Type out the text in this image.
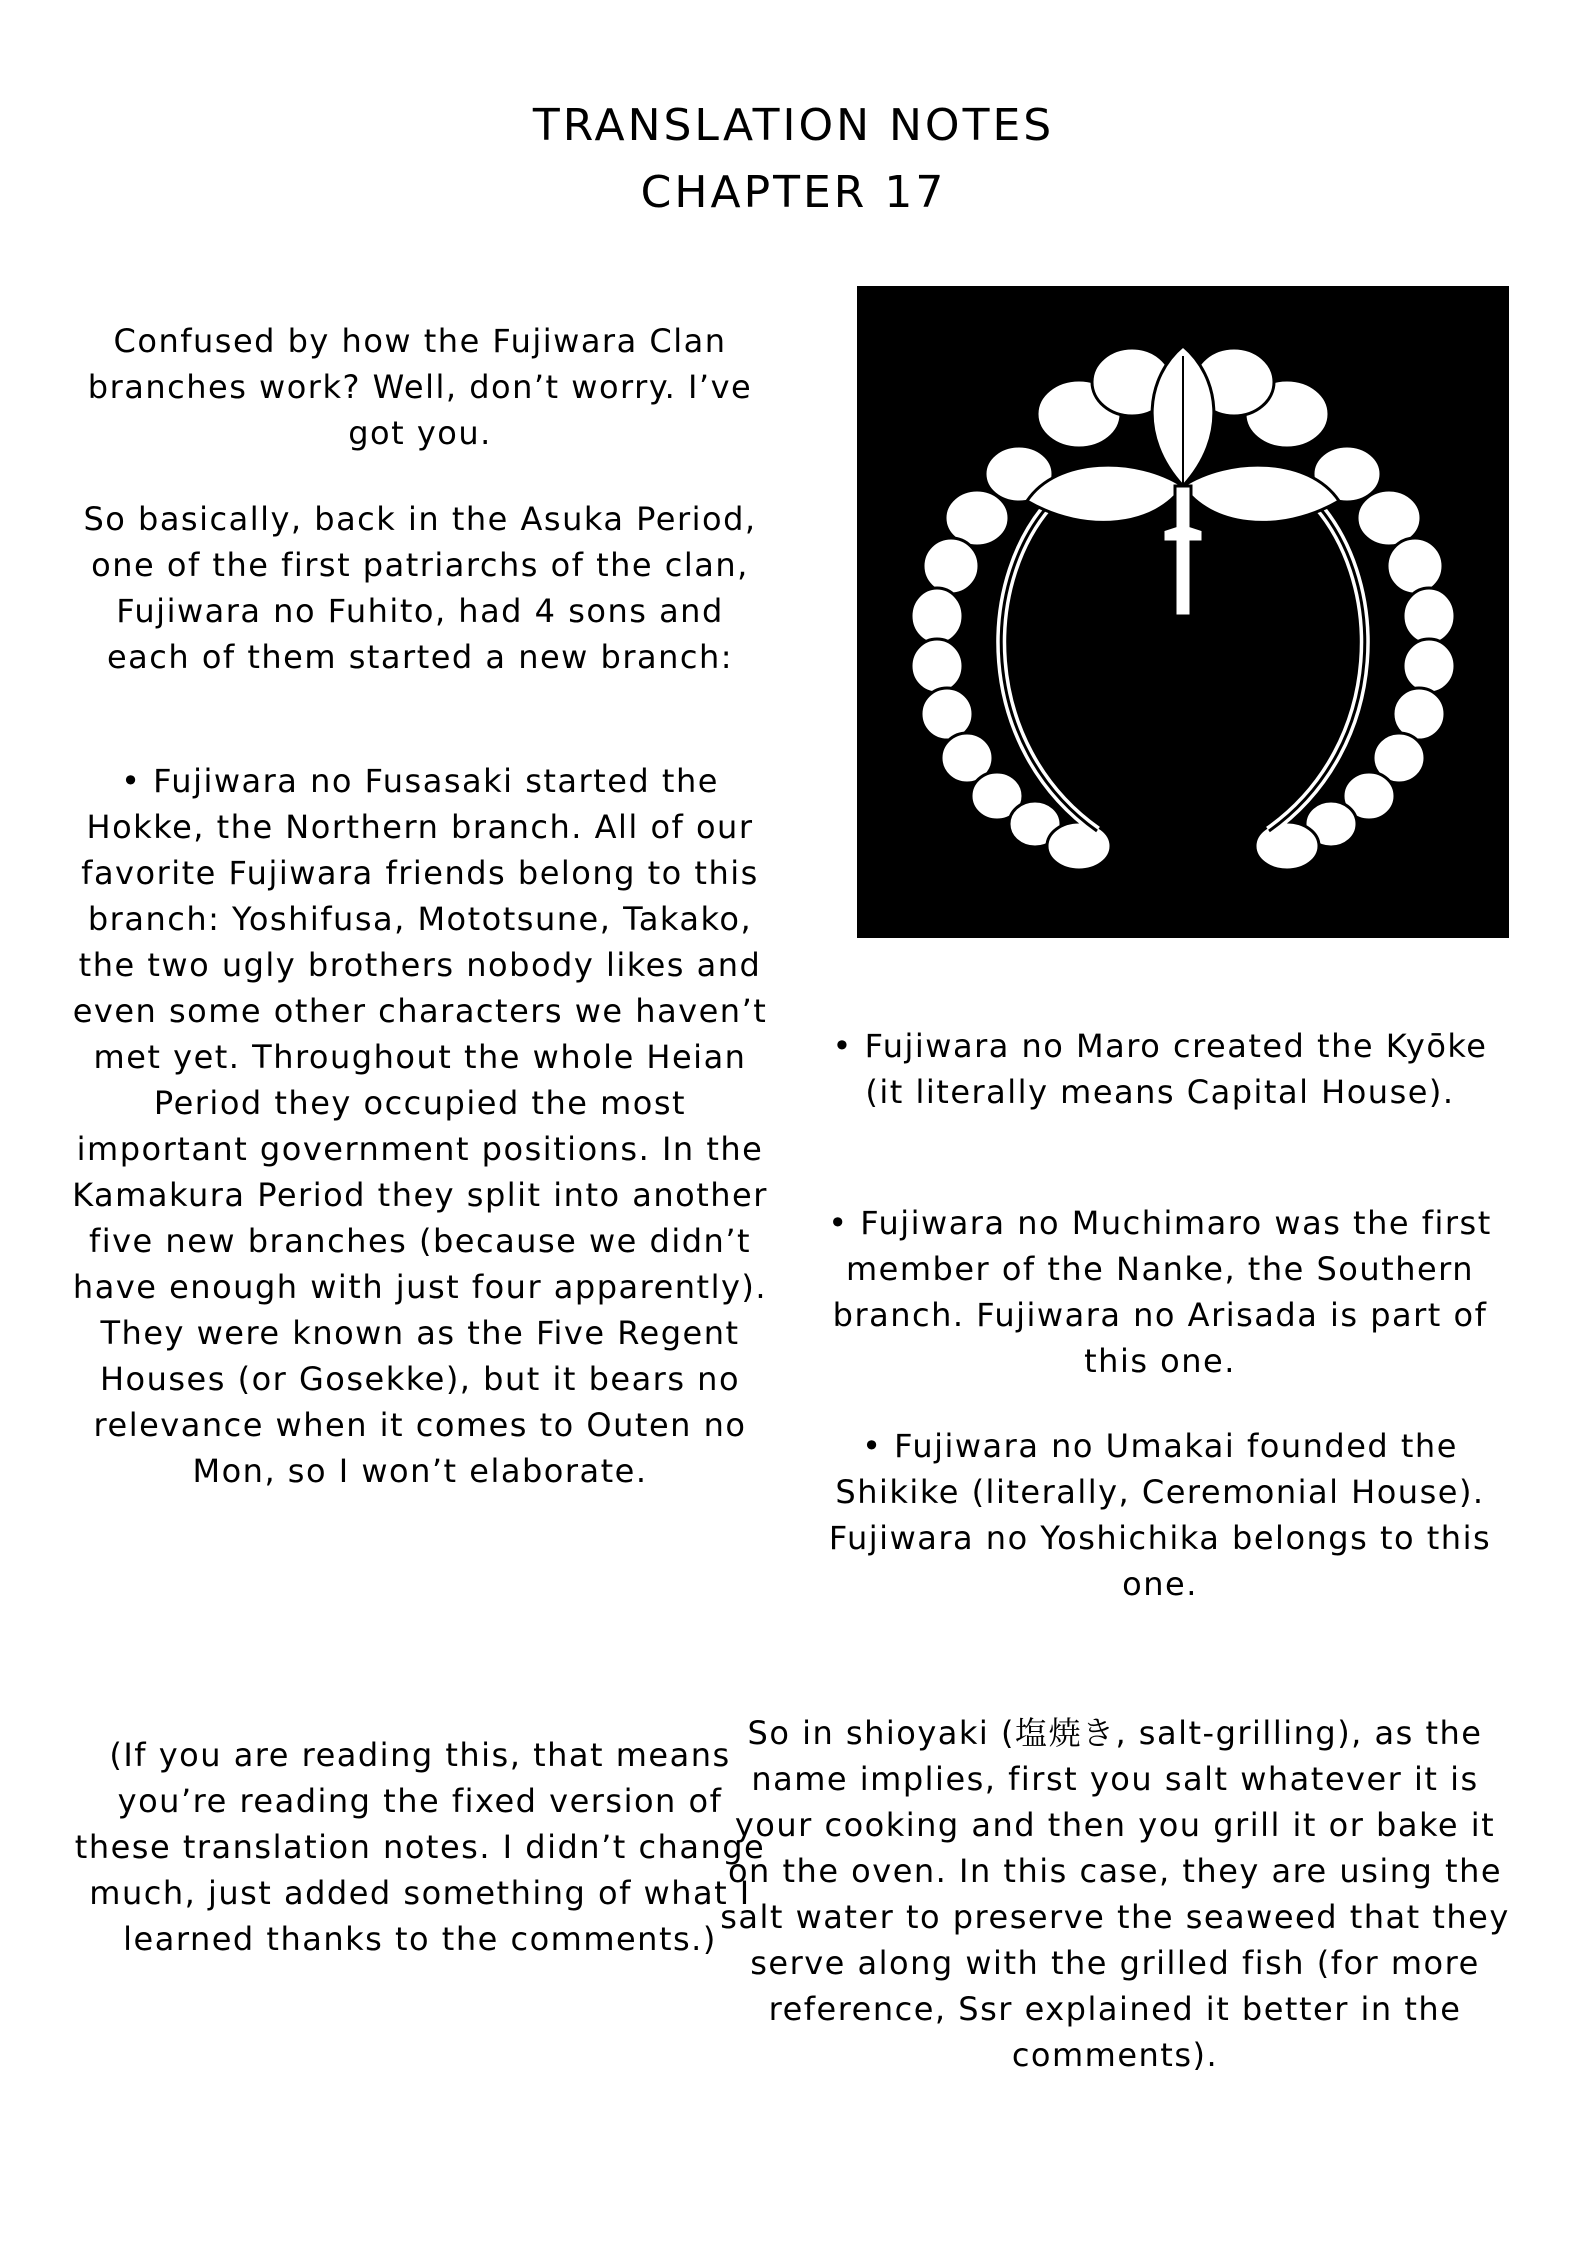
TRANSLATION NOTES
CHAPTER 17

Confused by how the Fujiwara Clan branches work? Well, don’t worry. I’ve got you.

So basically, back in the Asuka Period, one of the first patriarchs of the clan, Fujiwara no Fuhito, had 4 sons and each of them started a new branch:

• Fujiwara no Fusasaki started the Hokke, the Northern branch. All of our favorite Fujiwara friends belong to this branch: Yoshifusa, Mototsune, Takako, the two ugly brothers nobody likes and even some other characters we haven’t met yet. Throughout the whole Heian Period they occupied the most important government positions. In the Kamakura Period they split into another five new branches (because we didn’t have enough with just four apparently). They were known as the Five Regent Houses (or Gosekke), but it bears no relevance when it comes to Outen no Mon, so I won’t elaborate.

(If you are reading this, that means you’re reading the fixed version of these translation notes. I didn’t change much, just added something of what I learned thanks to the comments.)

• Fujiwara no Maro created the Kyōke (it literally means Capital House).

• Fujiwara no Muchimaro was the first member of the Nanke, the Southern branch. Fujiwara no Arisada is part of this one.

• Fujiwara no Umakai founded the Shikike (literally, Ceremonial House). Fujiwara no Yoshichika belongs to this one.

So in shioyaki (塩焼き, salt-grilling), as the name implies, first you salt whatever it is your cooking and then you grill it or bake it on the oven. In this case, they are using the salt water to preserve the seaweed that they serve along with the grilled fish (for more reference, Ssr explained it better in the comments).
